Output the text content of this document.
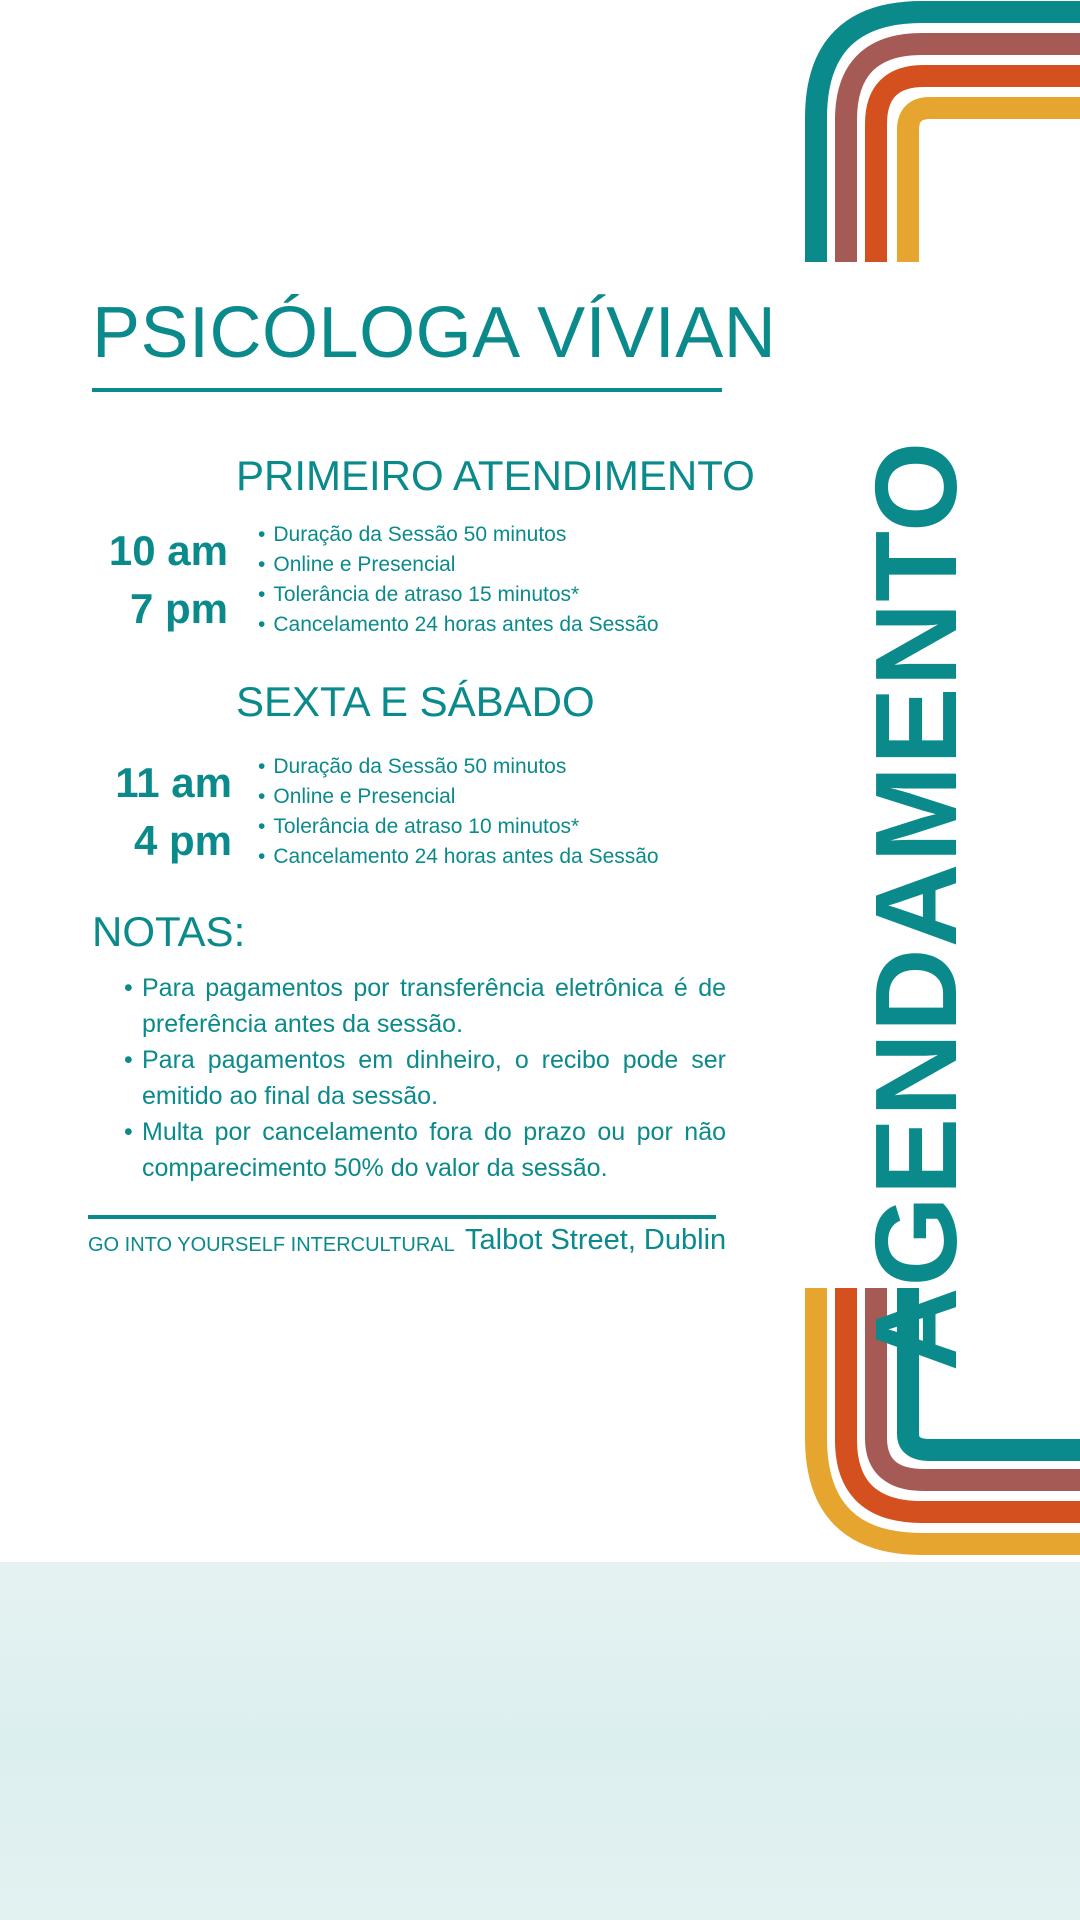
AGENDAMENTO
PSICÓLOGA VÍVIAN
PRIMEIRO ATENDIMENTO
10 am
7 pm
• Duração da Sessão 50 minutos
• Online e Presencial
• Tolerância de atraso 15 minutos*
• Cancelamento 24 horas antes da Sessão
SEXTA E SÁBADO
11 am
4 pm
• Duração da Sessão 50 minutos
• Online e Presencial
• Tolerância de atraso 10 minutos*
• Cancelamento 24 horas antes da Sessão
NOTAS:
• Para pagamentos por transferência eletrônica é de preferência antes da sessão.
• Para pagamentos em dinheiro, o recibo pode ser emitido ao final da sessão.
• Multa por cancelamento fora do prazo ou por não comparecimento 50% do valor da sessão.
GO INTO YOURSELF INTERCULTURAL Talbot Street, Dublin
